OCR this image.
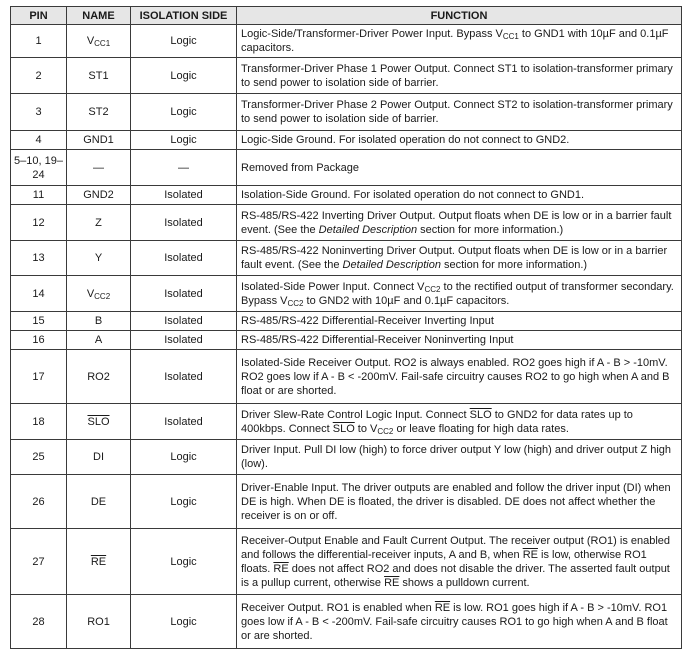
PIN	NAME	ISOLATION SIDE	FUNCTION
1	$V_{CC1}$	Logic	Logic-Side/Transformer-Driver Power Input. Bypass $V_{CC1}$ to GND1 with 10µF and 0.1µF capacitors.
2	ST1	Logic	Transformer-Driver Phase 1 Power Output. Connect ST1 to isolation-transformer primary to send power to isolation side of barrier.
3	ST2	Logic	Transformer-Driver Phase 2 Power Output. Connect ST2 to isolation-transformer primary to send power to isolation side of barrier.
4	GND1	Logic	Logic-Side Ground. For isolated operation do not connect to GND2.
5–10, 19–24	—	—	Removed from Package
11	GND2	Isolated	Isolation-Side Ground. For isolated operation do not connect to GND1.
12	Z	Isolated	RS-485/RS-422 Inverting Driver Output. Output floats when DE is low or in a barrier fault event. (See the Detailed Description section for more information.)
13	Y	Isolated	RS-485/RS-422 Noninverting Driver Output. Output floats when DE is low or in a barrier fault event. (See the Detailed Description section for more information.)
14	$V_{CC2}$	Isolated	Isolated-Side Power Input. Connect $V_{CC2}$ to the rectified output of transformer secondary. Bypass $V_{CC2}$ to GND2 with 10µF and 0.1µF capacitors.
15	B	Isolated	RS-485/RS-422 Differential-Receiver Inverting Input
16	A	Isolated	RS-485/RS-422 Differential-Receiver Noninverting Input
17	RO2	Isolated	Isolated-Side Receiver Output. RO2 is always enabled. RO2 goes high if A - B > -10mV. RO2 goes low if A - B < -200mV. Fail-safe circuitry causes RO2 to go high when A and B float or are shorted.
18	$\overline{SLO}$	Isolated	Driver Slew-Rate Control Logic Input. Connect $\overline{SLO}$ to GND2 for data rates up to 400kbps. Connect $\overline{SLO}$ to $V_{CC2}$ or leave floating for high data rates.
25	DI	Logic	Driver Input. Pull DI low (high) to force driver output Y low (high) and driver output Z high (low).
26	DE	Logic	Driver-Enable Input. The driver outputs are enabled and follow the driver input (DI) when DE is high. When DE is floated, the driver is disabled. DE does not affect whether the receiver is on or off.
27	$\overline{RE}$	Logic	Receiver-Output Enable and Fault Current Output. The receiver output (RO1) is enabled and follows the differential-receiver inputs, A and B, when $\overline{RE}$ is low, otherwise RO1 floats. $\overline{RE}$ does not affect RO2 and does not disable the driver. The asserted fault output is a pullup current, otherwise $\overline{RE}$ shows a pulldown current.
28	RO1	Logic	Receiver Output. RO1 is enabled when $\overline{RE}$ is low. RO1 goes high if A - B > -10mV. RO1 goes low if A - B < -200mV. Fail-safe circuitry causes RO1 to go high when A and B float or are shorted.
